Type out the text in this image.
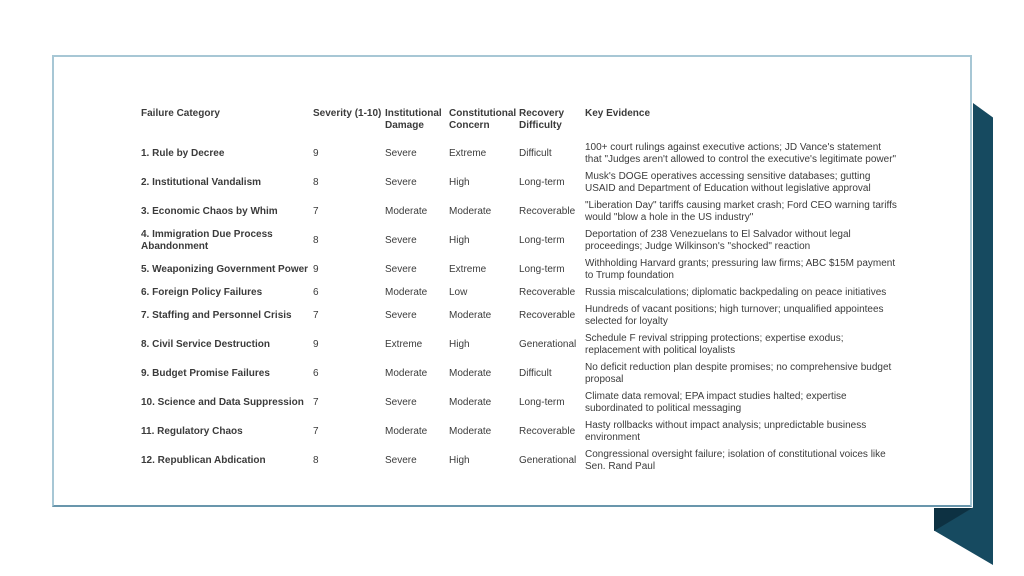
Failure Category	Severity (1-10)	Institutional Damage	Constitutional Concern	Recovery Difficulty	Key Evidence
1. Rule by Decree	9	Severe	Extreme	Difficult	100+ court rulings against executive actions; JD Vance's statement that "Judges aren't allowed to control the executive's legitimate power"
2. Institutional Vandalism	8	Severe	High	Long-term	Musk's DOGE operatives accessing sensitive databases; gutting USAID and Department of Education without legislative approval
3. Economic Chaos by Whim	7	Moderate	Moderate	Recoverable	"Liberation Day" tariffs causing market crash; Ford CEO warning tariffs would "blow a hole in the US industry"
4. Immigration Due Process Abandonment	8	Severe	High	Long-term	Deportation of 238 Venezuelans to El Salvador without legal proceedings; Judge Wilkinson's "shocked" reaction
5. Weaponizing Government Power	9	Severe	Extreme	Long-term	Withholding Harvard grants; pressuring law firms; ABC $15M payment to Trump foundation
6. Foreign Policy Failures	6	Moderate	Low	Recoverable	Russia miscalculations; diplomatic backpedaling on peace initiatives
7. Staffing and Personnel Crisis	7	Severe	Moderate	Recoverable	Hundreds of vacant positions; high turnover; unqualified appointees selected for loyalty
8. Civil Service Destruction	9	Extreme	High	Generational	Schedule F revival stripping protections; expertise exodus; replacement with political loyalists
9. Budget Promise Failures	6	Moderate	Moderate	Difficult	No deficit reduction plan despite promises; no comprehensive budget proposal
10. Science and Data Suppression	7	Severe	Moderate	Long-term	Climate data removal; EPA impact studies halted; expertise subordinated to political messaging
11. Regulatory Chaos	7	Moderate	Moderate	Recoverable	Hasty rollbacks without impact analysis; unpredictable business environment
12. Republican Abdication	8	Severe	High	Generational	Congressional oversight failure; isolation of constitutional voices like Sen. Rand Paul
